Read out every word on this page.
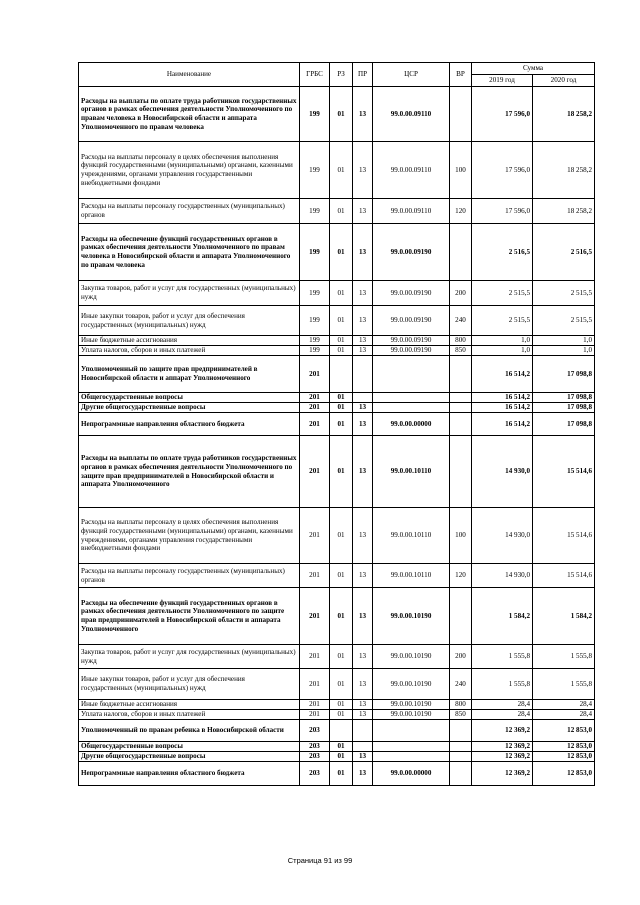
Наименование	ГРБС	РЗ	ПР	ЦСР	ВР	Сумма	
						2019 год	2020 год
Расходы на выплаты по оплате труда работников государственных органов в рамках обеспечения деятельности Уполномоченного по правам человека в Новосибирской области и аппарата Уполномоченного по правам человека	199	01	13	99.0.00.09110		17 596,0	18 258,2
Расходы на выплаты персоналу в целях обеспечения выполнения функций государственными (муниципальными) органами, казенными учреждениями, органами управления государственными внебюджетными фондами	199	01	13	99.0.00.09110	100	17 596,0	18 258,2
Расходы на выплаты персоналу государственных (муниципальных) органов	199	01	13	99.0.00.09110	120	17 596,0	18 258,2
Расходы на обеспечение функций государственных органов в рамках обеспечения деятельности Уполномоченного по правам человека в Новосибирской области и аппарата Уполномоченного по правам человека	199	01	13	99.0.00.09190		2 516,5	2 516,5
Закупка товаров, работ и услуг для государственных (муниципальных) нужд	199	01	13	99.0.00.09190	200	2 515,5	2 515,5
Иные закупки товаров, работ и услуг для обеспечения государственных (муниципальных) нужд	199	01	13	99.0.00.09190	240	2 515,5	2 515,5
Иные бюджетные ассигнования	199	01	13	99.0.00.09190	800	1,0	1,0
Уплата налогов, сборов и иных платежей	199	01	13	99.0.00.09190	850	1,0	1,0
Уполномоченный по защите прав предпринимателей в Новосибирской области и аппарат Уполномоченного	201					16 514,2	17 098,8
Общегосударственные вопросы	201	01				16 514,2	17 098,8
Другие общегосударственные вопросы	201	01	13			16 514,2	17 098,8
Непрограммные направления областного бюджета	201	01	13	99.0.00.00000		16 514,2	17 098,8
Расходы на выплаты по оплате труда работников государственных органов в рамках обеспечения деятельности Уполномоченного по защите прав предпринимателей в Новосибирской области и аппарата Уполномоченного	201	01	13	99.0.00.10110		14 930,0	15 514,6
Расходы на выплаты персоналу в целях обеспечения выполнения функций государственными (муниципальными) органами, казенными учреждениями, органами управления государственными внебюджетными фондами	201	01	13	99.0.00.10110	100	14 930,0	15 514,6
Расходы на выплаты персоналу государственных (муниципальных) органов	201	01	13	99.0.00.10110	120	14 930,0	15 514,6
Расходы на обеспечение функций государственных органов в рамках обеспечения деятельности Уполномоченного по защите прав предпринимателей в Новосибирской области и аппарата Уполномоченного	201	01	13	99.0.00.10190		1 584,2	1 584,2
Закупка товаров, работ и услуг для государственных (муниципальных) нужд	201	01	13	99.0.00.10190	200	1 555,8	1 555,8
Иные закупки товаров, работ и услуг для обеспечения государственных (муниципальных) нужд	201	01	13	99.0.00.10190	240	1 555,8	1 555,8
Иные бюджетные ассигнования	201	01	13	99.0.00.10190	800	28,4	28,4
Уплата налогов, сборов и иных платежей	201	01	13	99.0.00.10190	850	28,4	28,4
Уполномоченный по правам ребенка в Новосибирской области	203					12 369,2	12 853,0
Общегосударственные вопросы	203	01				12 369,2	12 853,0
Другие общегосударственные вопросы	203	01	13			12 369,2	12 853,0
Непрограммные направления областного бюджета	203	01	13	99.0.00.00000		12 369,2	12 853,0
Страница 91 из 99
